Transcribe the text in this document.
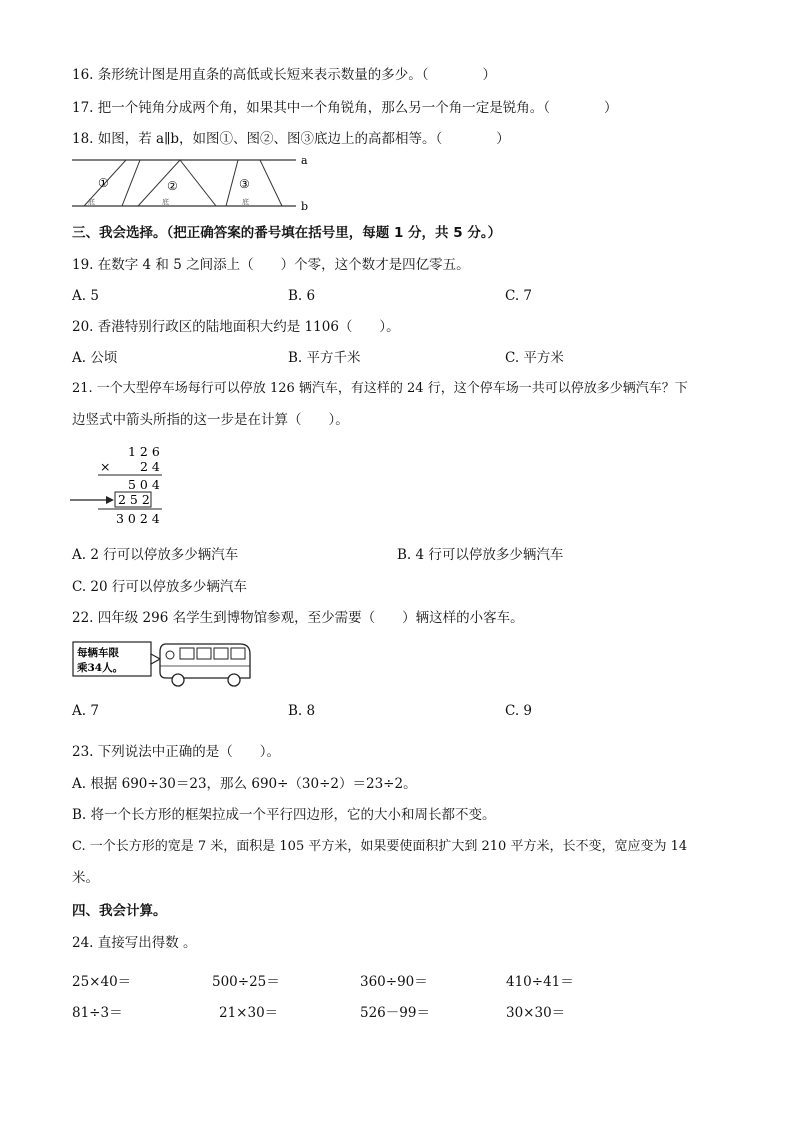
16. 条形统计图是用直条的高低或长短来表示数量的多少。（　　　　）
17. 把一个钝角分成两个角，如果其中一个角锐角，那么另一个角一定是锐角。（　　　　）
18. 如图，若 a∥b，如图①、图②、图③底边上的高都相等。（　　　　）
a
b
①	②	③
底	底	底
三、我会选择。（把正确答案的番号填在括号里，每题 1 分，共 5 分。）
19. 在数字 4 和 5 之间添上（　　）个零，这个数才是四亿零五。
A. 5	B. 6	C. 7
20. 香港特别行政区的陆地面积大约是 1106（　　）。
A. 公顷	B. 平方千米	C. 平方米
21. 一个大型停车场每行可以停放 126 辆汽车，有这样的 24 行，这个停车场一共可以停放多少辆汽车？下
边竖式中箭头所指的这一步是在计算（　　）。
1 2 6
× 2 4
5 0 4
2 5 2
3 0 2 4
A. 2 行可以停放多少辆汽车	B. 4 行可以停放多少辆汽车
C. 20 行可以停放多少辆汽车
22. 四年级 296 名学生到博物馆参观，至少需要（　　）辆这样的小客车。
每辆车限
乘34人。
A. 7	B. 8	C. 9
23. 下列说法中正确的是（　　）。
A. 根据 690÷30＝23，那么 690÷（30÷2）＝23÷2。
B. 将一个长方形的框架拉成一个平行四边形，它的大小和周长都不变。
C. 一个长方形的宽是 7 米，面积是 105 平方米，如果要使面积扩大到 210 平方米，长不变，宽应变为 14
米。
四、我会计算。
24. 直接写出得数 。
25×40＝	500÷25＝	360÷90＝	410÷41＝
81÷3＝	21×30＝	526－99＝	30×30＝
